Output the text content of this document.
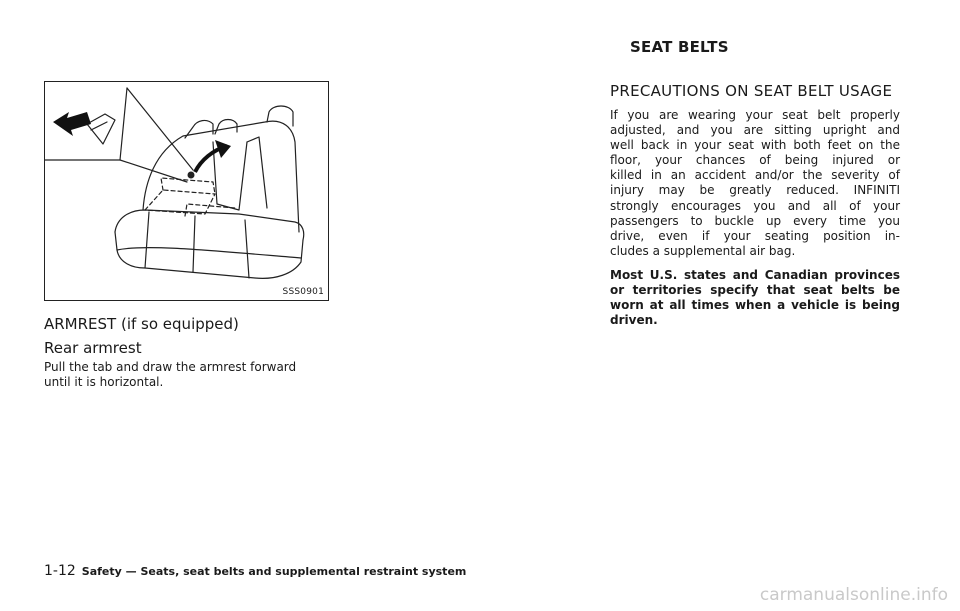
SEAT BELTS
SSS0901
ARMREST (if so equipped)
Rear armrest
Pull the tab and draw the armrest forward
until it is horizontal.
PRECAUTIONS ON SEAT BELT USAGE
If you are wearing your seat belt properly
adjusted, and you are sitting upright and
well back in your seat with both feet on the
floor, your chances of being injured or
killed in an accident and/or the severity of
injury may be greatly reduced. INFINITI
strongly encourages you and all of your
passengers to buckle up every time you
drive, even if your seating position in-
cludes a supplemental air bag.
Most U.S. states and Canadian provinces
or territories specify that seat belts be
worn at all times when a vehicle is being
driven.
1-12 Safety — Seats, seat belts and supplemental restraint system
carmanualsonline.info
